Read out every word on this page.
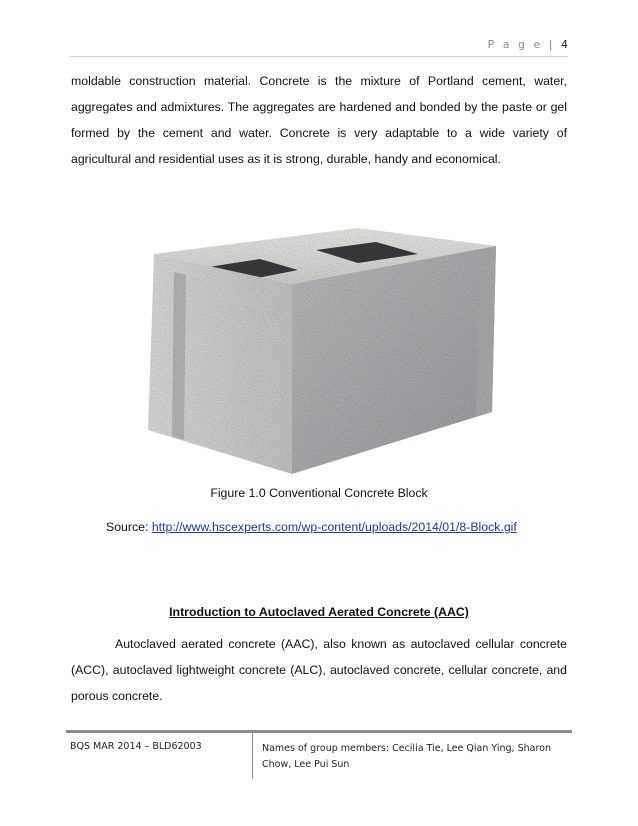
P a g e | 4
moldable construction material. Concrete is the mixture of Portland cement, water, aggregates and admixtures. The aggregates are hardened and bonded by the paste or gel formed by the cement and water. Concrete is very adaptable to a wide variety of agricultural and residential uses as it is strong, durable, handy and economical.
Figure 1.0 Conventional Concrete Block
Source: http://www.hscexperts.com/wp-content/uploads/2014/01/8-Block.gif
Introduction to Autoclaved Aerated Concrete (AAC)
Autoclaved aerated concrete (AAC), also known as autoclaved cellular concrete (ACC), autoclaved lightweight concrete (ALC), autoclaved concrete, cellular concrete, and porous concrete.
BQS MAR 2014 – BLD62003	Names of group members: Cecilia Tie, Lee Qian Ying, Sharon Chow, Lee Pui Sun
